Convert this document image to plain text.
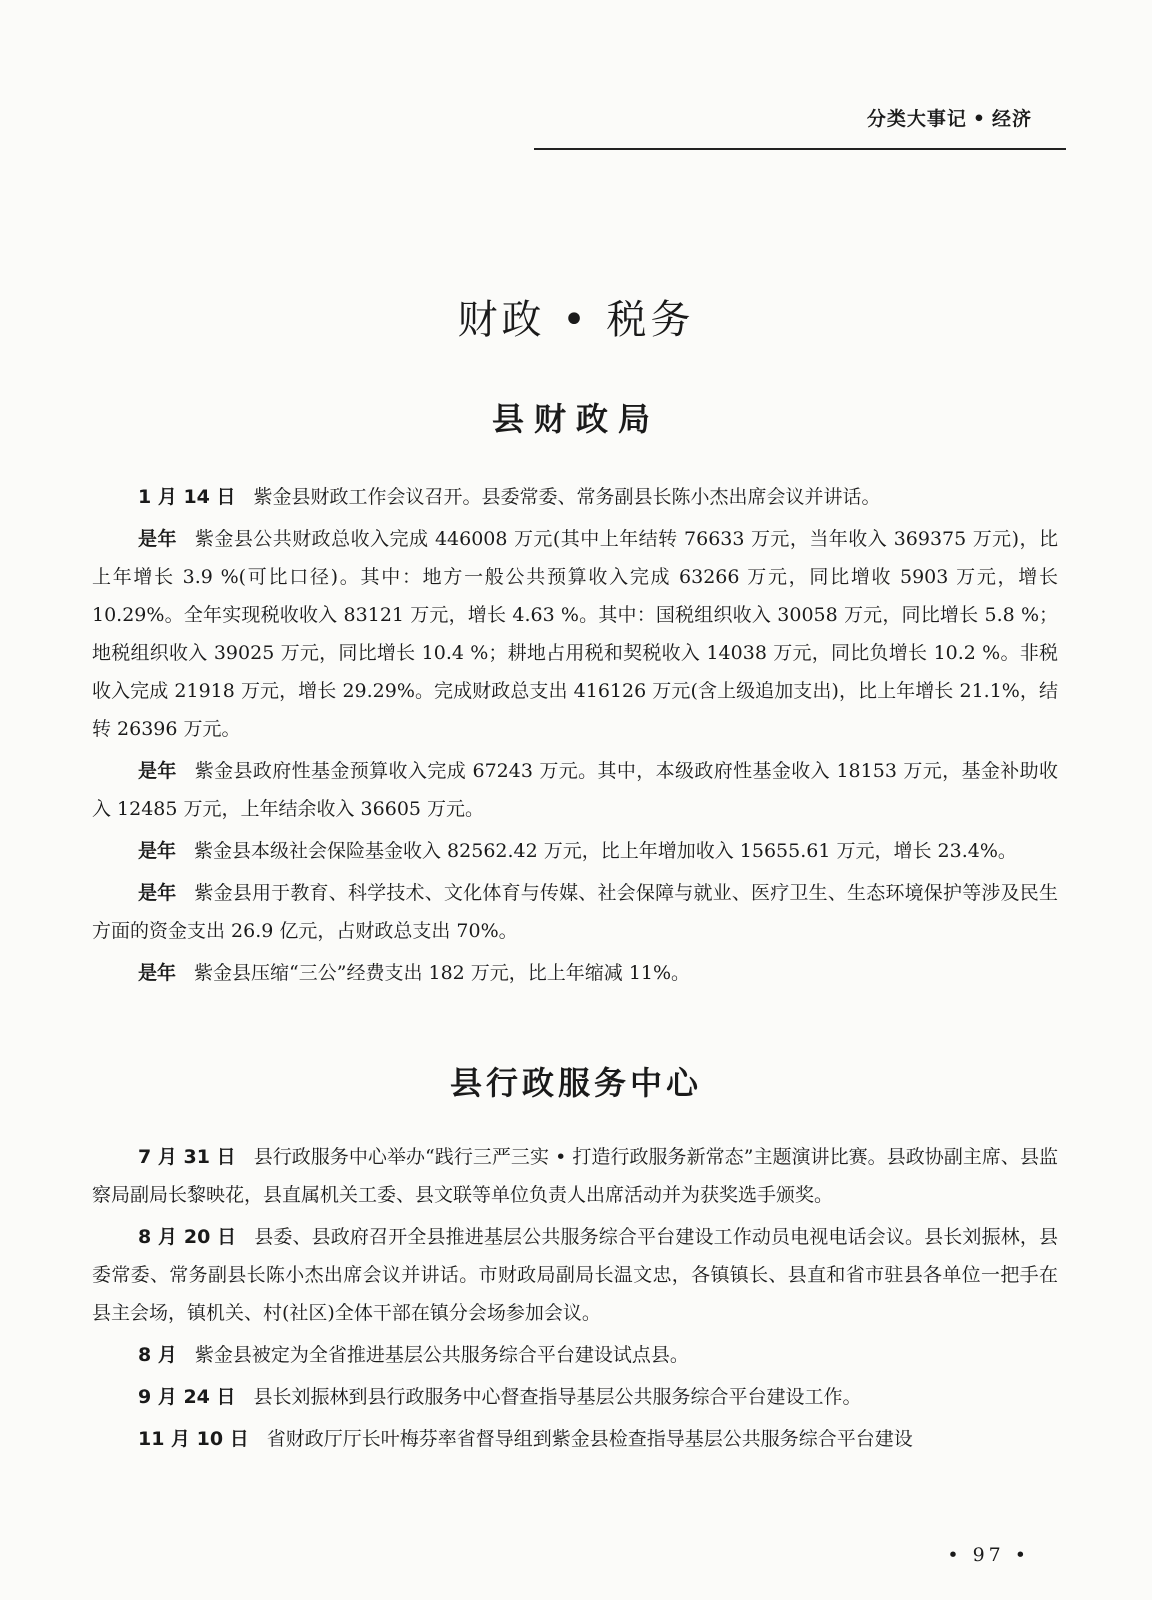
分类大事记 • 经济
财政 • 税务
县财政局

1 月 14 日 紫金县财政工作会议召开。县委常委、常务副县长陈小杰出席会议并讲话。

是年 紫金县公共财政总收入完成 446008 万元(其中上年结转 76633 万元，当年收入 369375 万元)，比上年增长 3.9 %(可比口径)。其中：地方一般公共预算收入完成 63266 万元，同比增收 5903 万元，增长 10.29%。全年实现税收收入 83121 万元，增长 4.63 %。其中：国税组织收入 30058 万元，同比增长 5.8 %；地税组织收入 39025 万元，同比增长 10.4 %；耕地占用税和契税收入 14038 万元，同比负增长 10.2 %。非税收入完成 21918 万元，增长 29.29%。完成财政总支出 416126 万元(含上级追加支出)，比上年增长 21.1%，结转 26396 万元。

是年 紫金县政府性基金预算收入完成 67243 万元。其中，本级政府性基金收入 18153 万元，基金补助收入 12485 万元，上年结余收入 36605 万元。

是年 紫金县本级社会保险基金收入 82562.42 万元，比上年增加收入 15655.61 万元，增长 23.4%。

是年 紫金县用于教育、科学技术、文化体育与传媒、社会保障与就业、医疗卫生、生态环境保护等涉及民生方面的资金支出 26.9 亿元，占财政总支出 70%。

是年 紫金县压缩“三公”经费支出 182 万元，比上年缩减 11%。

县行政服务中心

7 月 31 日 县行政服务中心举办“践行三严三实 • 打造行政服务新常态”主题演讲比赛。县政协副主席、县监察局副局长黎映花，县直属机关工委、县文联等单位负责人出席活动并为获奖选手颁奖。

8 月 20 日 县委、县政府召开全县推进基层公共服务综合平台建设工作动员电视电话会议。县长刘振林，县委常委、常务副县长陈小杰出席会议并讲话。市财政局副局长温文忠，各镇镇长、县直和省市驻县各单位一把手在县主会场，镇机关、村(社区)全体干部在镇分会场参加会议。

8 月 紫金县被定为全省推进基层公共服务综合平台建设试点县。

9 月 24 日 县长刘振林到县行政服务中心督查指导基层公共服务综合平台建设工作。

11 月 10 日 省财政厅厅长叶梅芬率省督导组到紫金县检查指导基层公共服务综合平台建设

• 97 •
